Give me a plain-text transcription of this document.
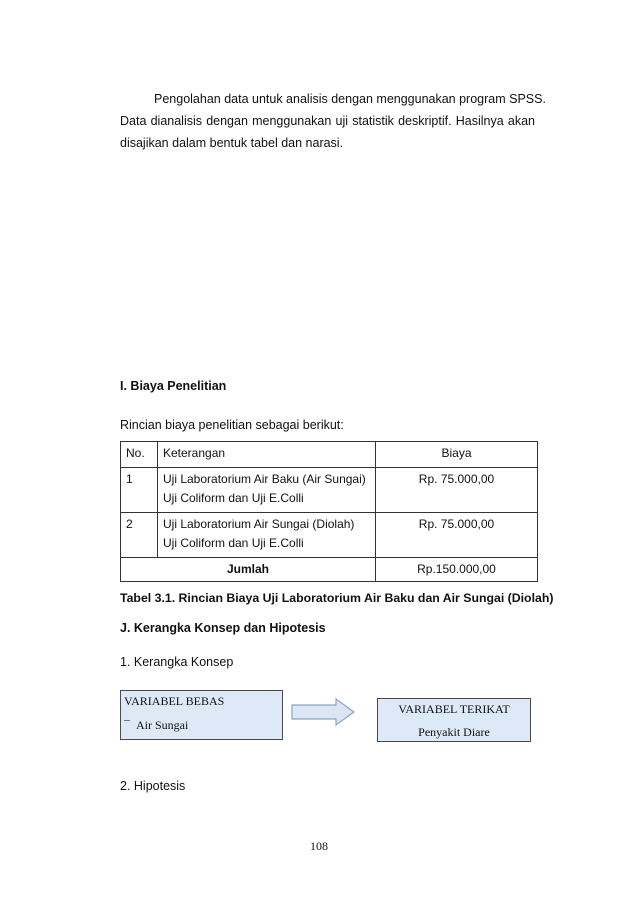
Pengolahan data untuk analisis dengan menggunakan program SPSS.
Data dianalisis dengan menggunakan uji statistik deskriptif. Hasilnya akan
disajikan dalam bentuk tabel dan narasi.
I. Biaya Penelitian
Rincian biaya penelitian sebagai berikut:
No.	Keterangan	Biaya
1	Uji Laboratorium Air Baku (Air Sungai)
Uji Coliform dan Uji E.Colli	Rp. 75.000,00
2	Uji Laboratorium Air Sungai (Diolah)
Uji Coliform dan Uji E.Colli	Rp. 75.000,00
Jumlah		Rp.150.000,00
Tabel 3.1. Rincian Biaya Uji Laboratorium Air Baku dan Air Sungai (Diolah)
J. Kerangka Konsep dan Hipotesis
1. Kerangka Konsep
VARIABEL BEBAS
¯ Air Sungai
VARIABEL TERIKAT
Penyakit Diare
2. Hipotesis
108
